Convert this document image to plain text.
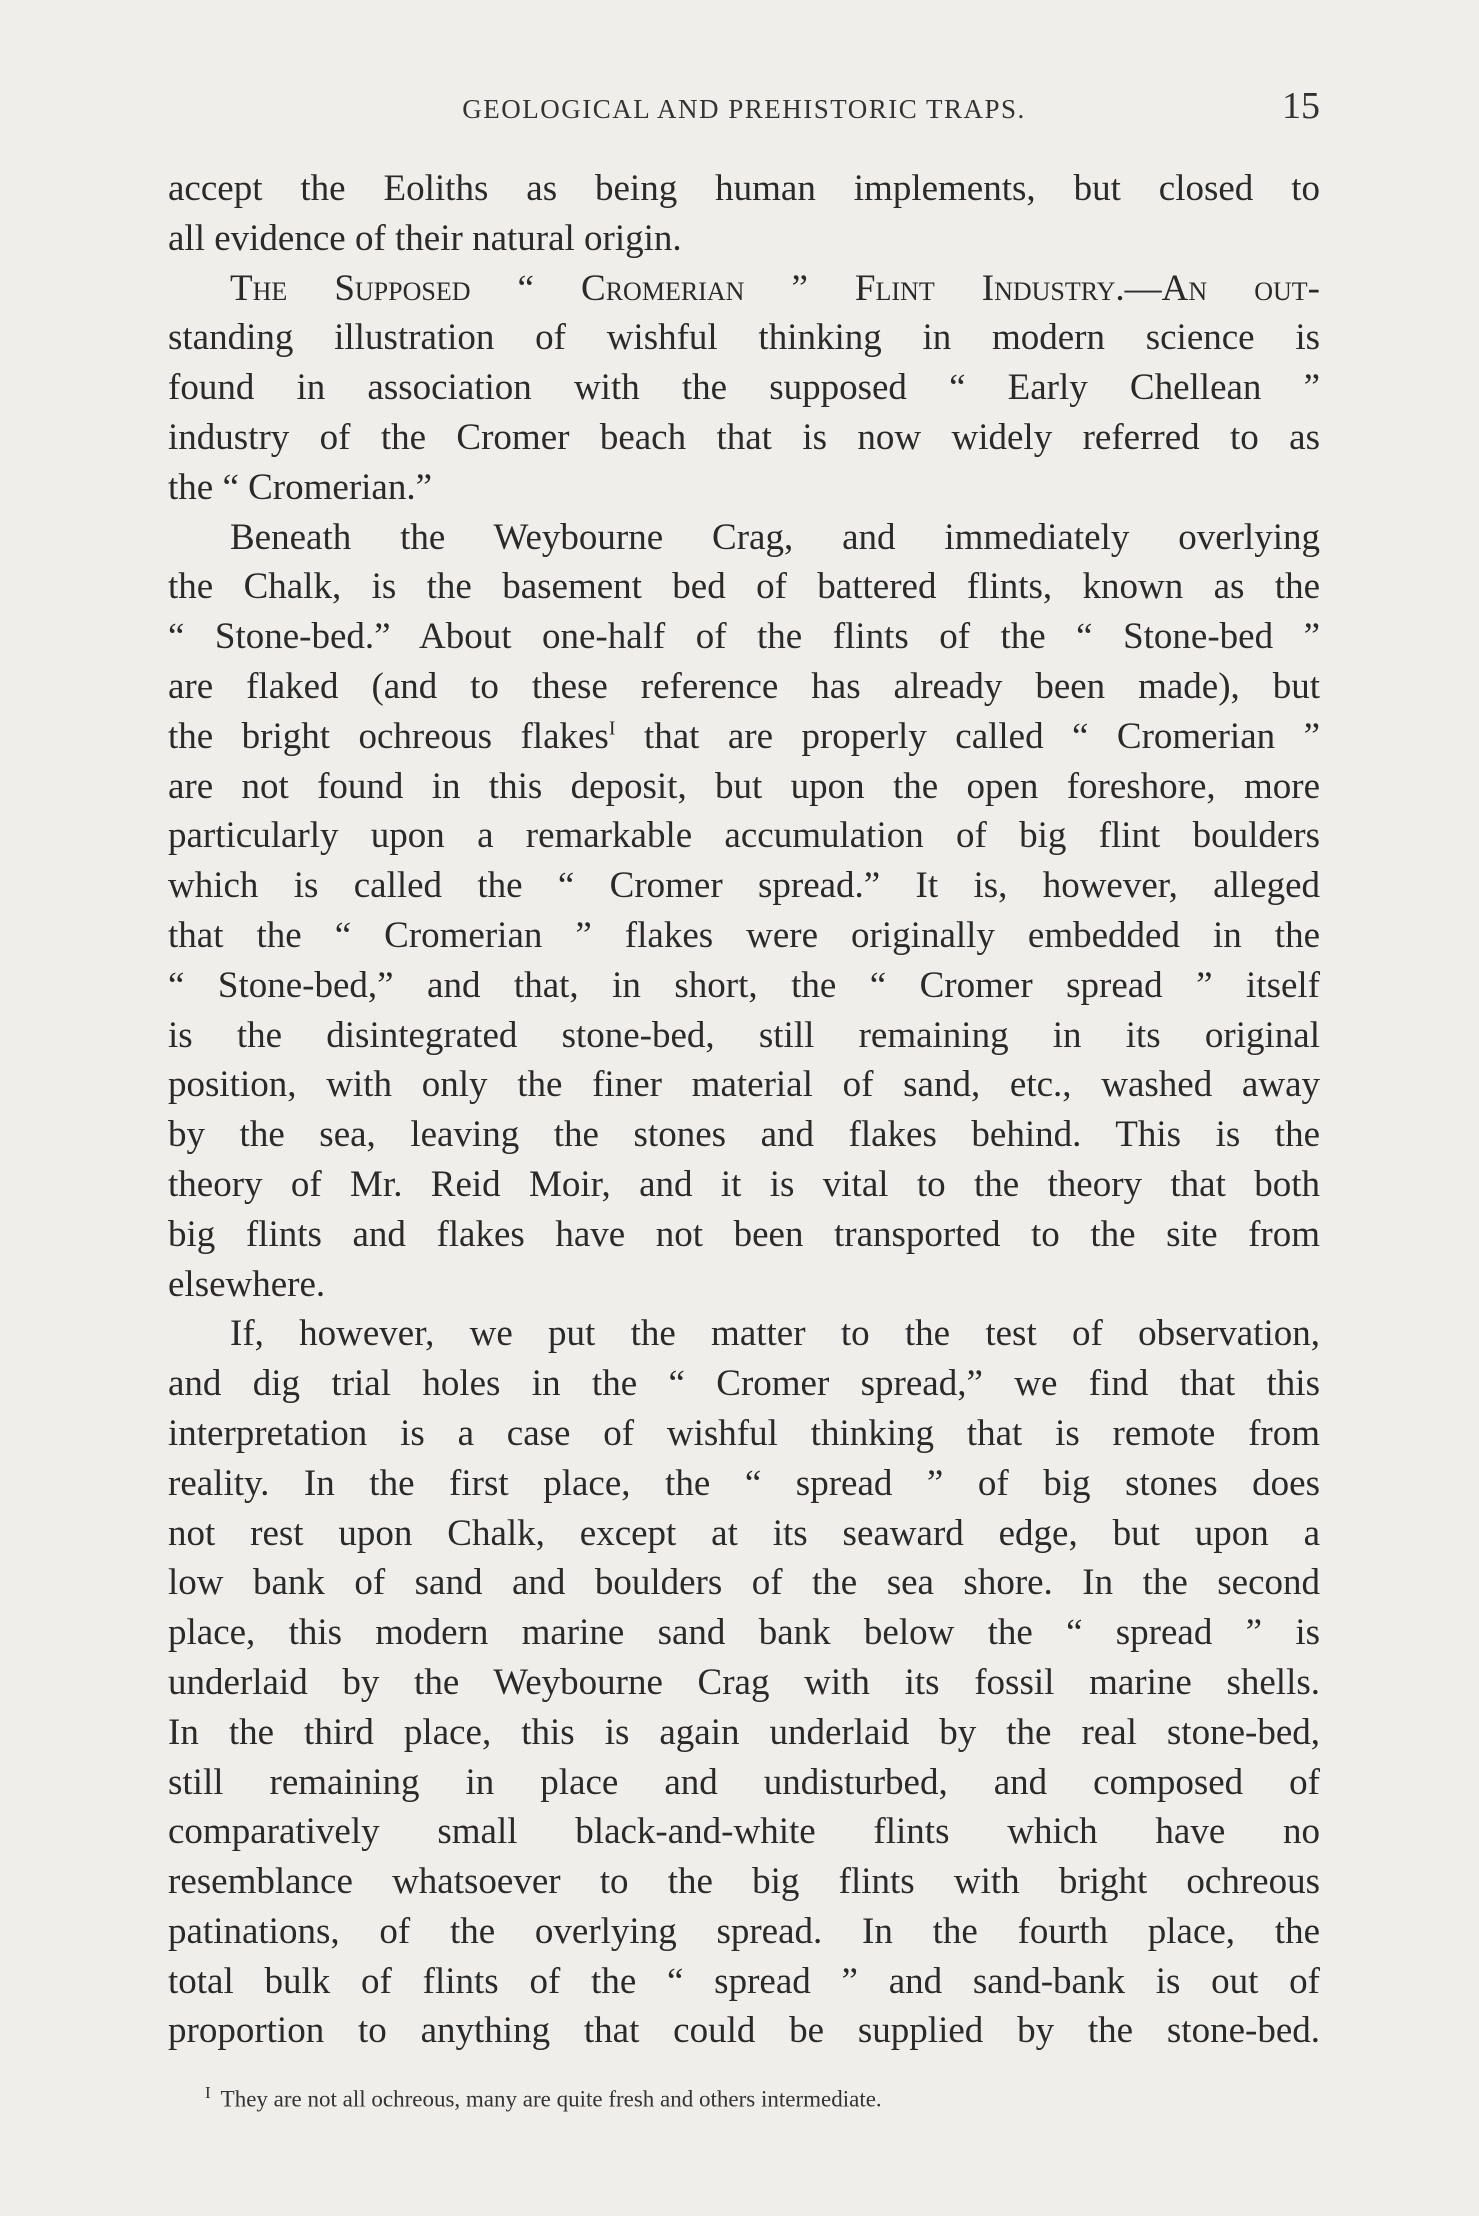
GEOLOGICAL AND PREHISTORIC TRAPS.	15
accept the Eoliths as being human implements, but closed to
all evidence of their natural origin.
The Supposed “ Cromerian ” Flint Industry.—An out-
standing illustration of wishful thinking in modern science is
found in association with the supposed “ Early Chellean ”
industry of the Cromer beach that is now widely referred to as
the “ Cromerian.”
Beneath the Weybourne Crag, and immediately overlying
the Chalk, is the basement bed of battered flints, known as the
“ Stone-bed.” About one-half of the flints of the “ Stone-bed ”
are flaked (and to these reference has already been made), but
the bright ochreous flakes$^I$ that are properly called “ Cromerian ”
are not found in this deposit, but upon the open foreshore, more
particularly upon a remarkable accumulation of big flint boulders
which is called the “ Cromer spread.” It is, however, alleged
that the “ Cromerian ” flakes were originally embedded in the
“ Stone-bed,” and that, in short, the “ Cromer spread ” itself
is the disintegrated stone-bed, still remaining in its original
position, with only the finer material of sand, etc., washed away
by the sea, leaving the stones and flakes behind. This is the
theory of Mr. Reid Moir, and it is vital to the theory that both
big flints and flakes have not been transported to the site from
elsewhere.
If, however, we put the matter to the test of observation,
and dig trial holes in the “ Cromer spread,” we find that this
interpretation is a case of wishful thinking that is remote from
reality. In the first place, the “ spread ” of big stones does
not rest upon Chalk, except at its seaward edge, but upon a
low bank of sand and boulders of the sea shore. In the second
place, this modern marine sand bank below the “ spread ” is
underlaid by the Weybourne Crag with its fossil marine shells.
In the third place, this is again underlaid by the real stone-bed,
still remaining in place and undisturbed, and composed of
comparatively small black-and-white flints which have no
resemblance whatsoever to the big flints with bright ochreous
patinations, of the overlying spread. In the fourth place, the
total bulk of flints of the “ spread ” and sand-bank is out of
proportion to anything that could be supplied by the stone-bed.
$^I$ They are not all ochreous, many are quite fresh and others intermediate.
